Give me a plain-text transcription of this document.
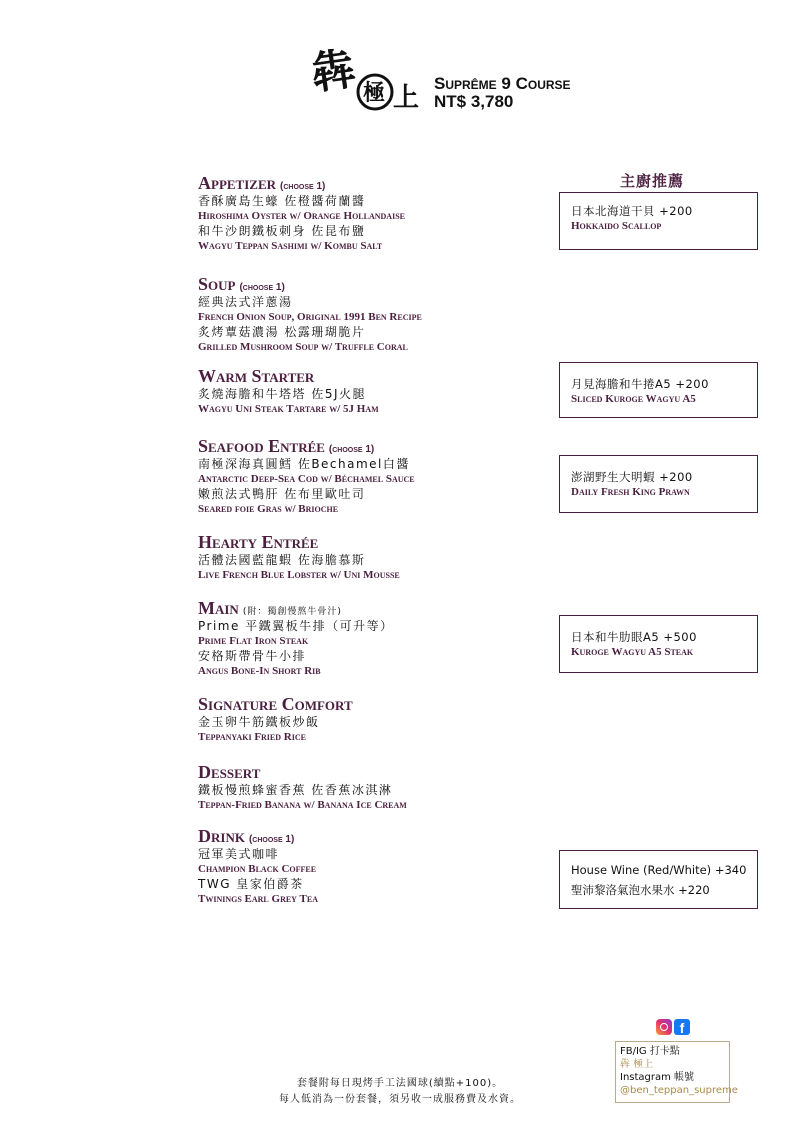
犇 極 上 Suprême 9 Course
NT$ 3,780
Appetizer (choose 1)
香酥廣島生蠔 佐橙醬荷蘭醬
Hiroshima Oyster w/ Orange Hollandaise
和牛沙朗鐵板刺身 佐昆布鹽
Wagyu Teppan Sashimi w/ Kombu Salt
Soup (choose 1)
經典法式洋蔥湯
French Onion Soup, Original 1991 Ben Recipe
炙烤蕈菇濃湯 松露珊瑚脆片
Grilled Mushroom Soup w/ Truffle Coral
Warm Starter
炙燒海膽和牛塔塔 佐5J火腿
Wagyu Uni Steak Tartare w/ 5J Ham
Seafood Entrée (choose 1)
南極深海真圓鱈 佐Bechamel白醬
Antarctic Deep-Sea Cod w/ Béchamel Sauce
嫩煎法式鴨肝 佐布里歐吐司
Seared foie Gras w/ Brioche
Hearty Entrée
活體法國藍龍蝦 佐海膽慕斯
Live French Blue Lobster w/ Uni Mousse
Main (附：獨創慢熬牛骨汁)
Prime 平鐵翼板牛排（可升等）
Prime Flat Iron Steak
安格斯帶骨牛小排
Angus Bone-In Short Rib
Signature Comfort
金玉卵牛筋鐵板炒飯
Teppanyaki Fried Rice
Dessert
鐵板慢煎蜂蜜香蕉 佐香蕉冰淇淋
Teppan-Fried Banana w/ Banana Ice Cream
Drink (choose 1)
冠軍美式咖啡
Champion Black Coffee
TWG 皇家伯爵茶
Twinings Earl Grey Tea
主廚推薦
日本北海道干貝 +200
Hokkaido Scallop
月見海膽和牛捲A5 +200
Sliced Kuroge Wagyu A5
澎湖野生大明蝦 +200
Daily Fresh King Prawn
日本和牛肋眼A5 +500
Kuroge Wagyu A5 Steak
House Wine (Red/White) +340
聖沛黎洛氣泡水果水 +220
f
FB/IG 打卡點
犇 極上
Instagram 帳號
@ben_teppan_supreme
套餐附每日現烤手工法國球(續點+100)。
每人低消為一份套餐，須另收一成服務費及水資。
